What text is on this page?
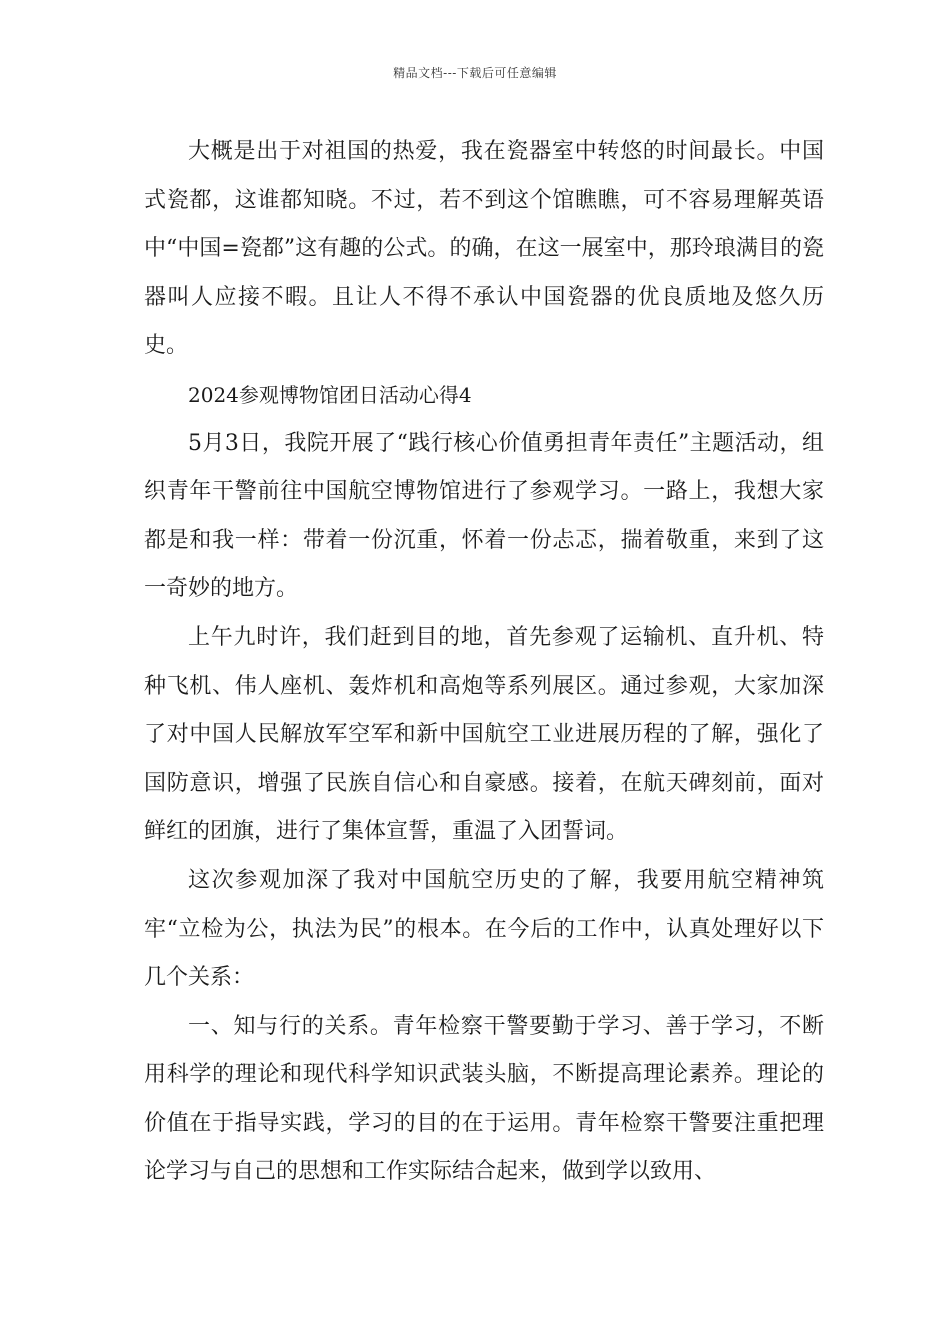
精品文档---下载后可任意编辑

大概是出于对祖国的热爱，我在瓷器室中转悠的时间最长。中国式瓷都，这谁都知晓。不过，若不到这个馆瞧瞧，可不容易理解英语中“中国=瓷都”这有趣的公式。的确，在这一展室中，那玲琅满目的瓷器叫人应接不暇。且让人不得不承认中国瓷器的优良质地及悠久历史。

2024参观博物馆团日活动心得4

5月3日，我院开展了“践行核心价值勇担青年责任”主题活动，组织青年干警前往中国航空博物馆进行了参观学习。一路上，我想大家都是和我一样：带着一份沉重，怀着一份忐忑，揣着敬重，来到了这一奇妙的地方。

上午九时许，我们赶到目的地，首先参观了运输机、直升机、特种飞机、伟人座机、轰炸机和高炮等系列展区。通过参观，大家加深了对中国人民解放军空军和新中国航空工业进展历程的了解，强化了国防意识，增强了民族自信心和自豪感。接着，在航天碑刻前，面对鲜红的团旗，进行了集体宣誓，重温了入团誓词。

这次参观加深了我对中国航空历史的了解，我要用航空精神筑牢“立检为公，执法为民”的根本。在今后的工作中，认真处理好以下几个关系：

一、知与行的关系。青年检察干警要勤于学习、善于学习，不断用科学的理论和现代科学知识武装头脑，不断提高理论素养。理论的价值在于指导实践，学习的目的在于运用。青年检察干警要注重把理论学习与自己的思想和工作实际结合起来，做到学以致用、
